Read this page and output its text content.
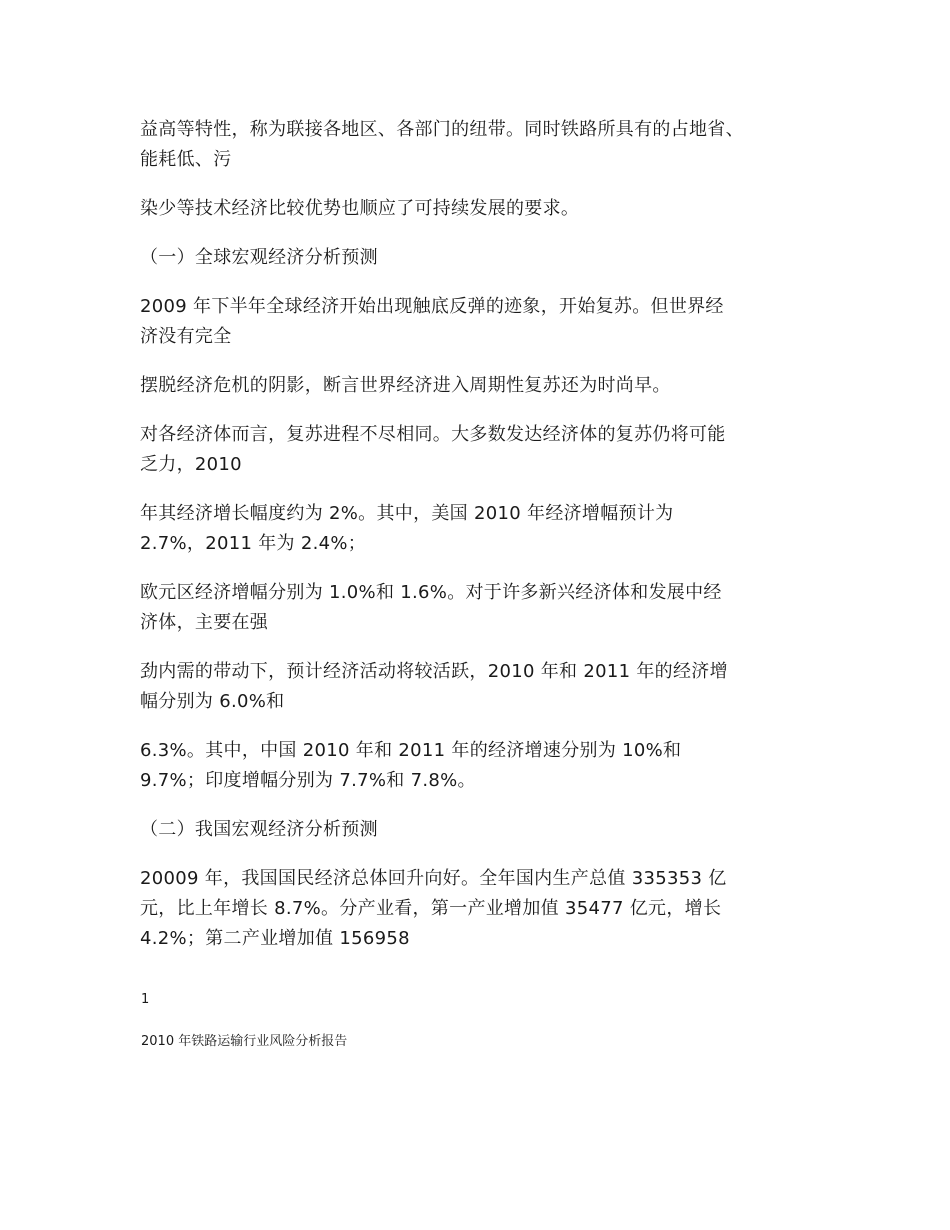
益高等特性，称为联接各地区、各部门的纽带。同时铁路所具有的占地省、
能耗低、污

染少等技术经济比较优势也顺应了可持续发展的要求。

（一）全球宏观经济分析预测

2009 年下半年全球经济开始出现触底反弹的迹象，开始复苏。但世界经
济没有完全

摆脱经济危机的阴影，断言世界经济进入周期性复苏还为时尚早。

对各经济体而言，复苏进程不尽相同。大多数发达经济体的复苏仍将可能
乏力，2010

年其经济增长幅度约为 2%。其中，美国 2010 年经济增幅预计为
2.7%，2011 年为 2.4%；

欧元区经济增幅分别为 1.0%和 1.6%。对于许多新兴经济体和发展中经
济体，主要在强

劲内需的带动下，预计经济活动将较活跃，2010 年和 2011 年的经济增
幅分别为 6.0%和

6.3%。其中，中国 2010 年和 2011 年的经济增速分别为 10%和
9.7%；印度增幅分别为 7.7%和 7.8%。

（二）我国宏观经济分析预测

20009 年，我国国民经济总体回升向好。全年国内生产总值 335353 亿
元，比上年增长 8.7%。分产业看，第一产业增加值 35477 亿元，增长
4.2%；第二产业增加值 156958

1
2010 年铁路运输行业风险分析报告
